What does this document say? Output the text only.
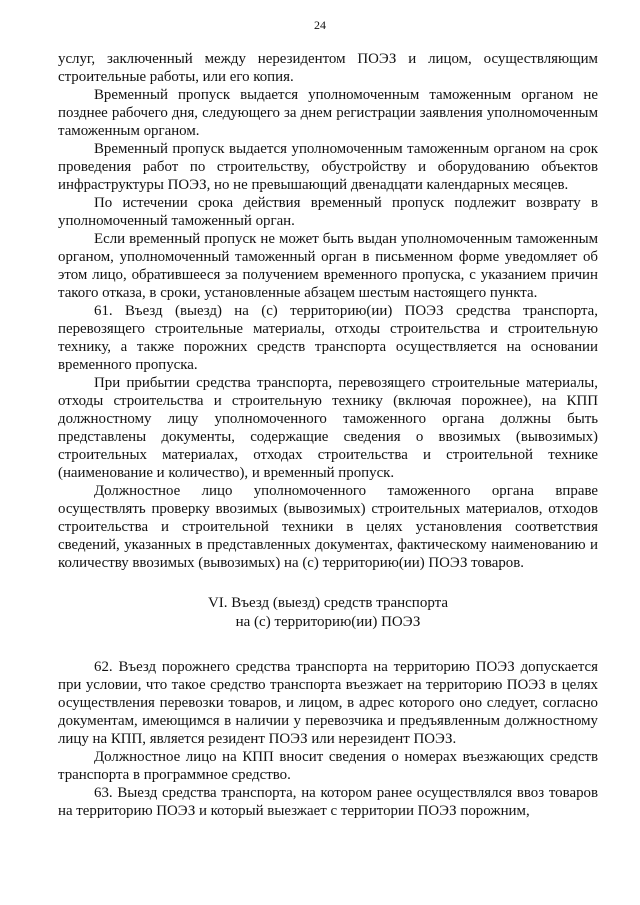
24

услуг, заключенный между нерезидентом ПОЭЗ и лицом, осуществляющим строительные работы, или его копия.

Временный пропуск выдается уполномоченным таможенным органом не позднее рабочего дня, следующего за днем регистрации заявления уполномоченным таможенным органом.

Временный пропуск выдается уполномоченным таможенным органом на срок проведения работ по строительству, обустройству и оборудованию объектов инфраструктуры ПОЭЗ, но не превышающий двенадцати календарных месяцев.

По истечении срока действия временный пропуск подлежит возврату в уполномоченный таможенный орган.

Если временный пропуск не может быть выдан уполномоченным таможенным органом, уполномоченный таможенный орган в письменном форме уведомляет об этом лицо, обратившееся за получением временного пропуска, с указанием причин такого отказа, в сроки, установленные абзацем шестым настоящего пункта.

61. Въезд (выезд) на (с) территорию(ии) ПОЭЗ средства транспорта, перевозящего строительные материалы, отходы строительства и строительную технику, а также порожних средств транспорта осуществляется на основании временного пропуска.

При прибытии средства транспорта, перевозящего строительные материалы, отходы строительства и строительную технику (включая порожнее), на КПП должностному лицу уполномоченного таможенного органа должны быть представлены документы, содержащие сведения о ввозимых (вывозимых) строительных материалах, отходах строительства и строительной технике (наименование и количество), и временный пропуск.

Должностное лицо уполномоченного таможенного органа вправе осуществлять проверку ввозимых (вывозимых) строительных материалов, отходов строительства и строительной техники в целях установления соответствия сведений, указанных в представленных документах, фактическому наименованию и количеству ввозимых (вывозимых) на (с) территорию(ии) ПОЭЗ товаров.

VI. Въезд (выезд) средств транспорта
на (с) территорию(ии) ПОЭЗ

62. Въезд порожнего средства транспорта на территорию ПОЭЗ допускается при условии, что такое средство транспорта въезжает на территорию ПОЭЗ в целях осуществления перевозки товаров, и лицом, в адрес которого оно следует, согласно документам, имеющимся в наличии у перевозчика и предъявленным должностному лицу на КПП, является резидент ПОЭЗ или нерезидент ПОЭЗ.

Должностное лицо на КПП вносит сведения о номерах въезжающих средств транспорта в программное средство.

63. Выезд средства транспорта, на котором ранее осуществлялся ввоз товаров на территорию ПОЭЗ и который выезжает с территории ПОЭЗ порожним,
